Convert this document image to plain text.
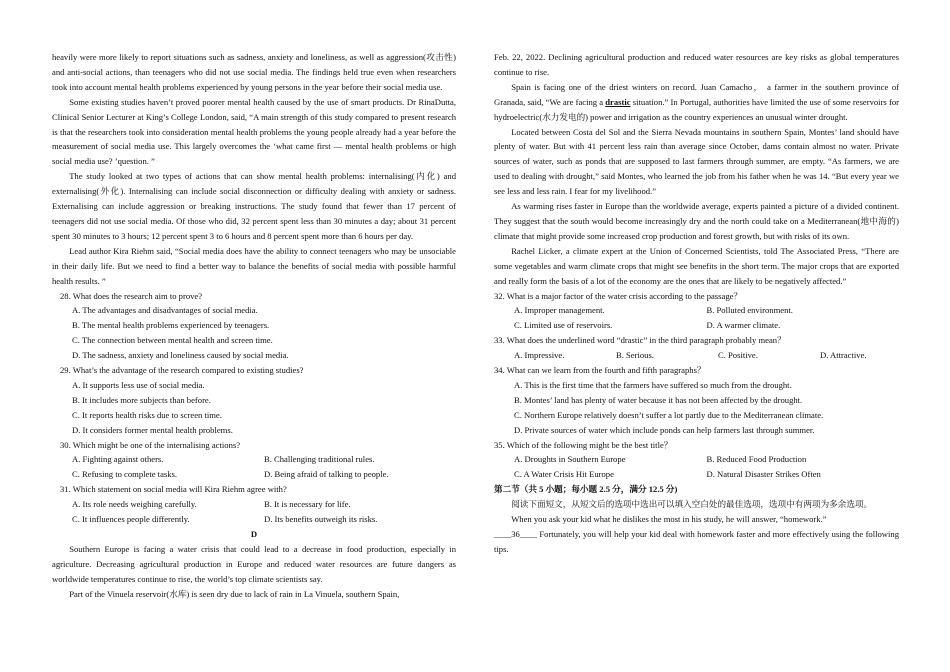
heavily were more likely to report situations such as sadness, anxiety and loneliness, as well as aggression(攻击性) and anti-social actions, than teenagers who did not use social media. The findings held true even when researchers took into account mental health problems experienced by young persons in the year before their social media use.

Some existing studies haven’t proved poorer mental health caused by the use of smart products. Dr RinaDutta, Clinical Senior Lecturer at King’s College London, said, “A main strength of this study compared to present research is that the researchers took into consideration mental health problems the young people already had a year before the measurement of social media use. This largely overcomes the ‘what came first — mental health problems or high social media use? ’question. ”

The study looked at two types of actions that can show mental health problems: internalising(内化) and externalising(外化). Internalising can include social disconnection or difficulty dealing with anxiety or sadness. Externalising can include aggression or breaking instructions. The study found that fewer than 17 percent of teenagers did not use social media. Of those who did, 32 percent spent less than 30 minutes a day; about 31 percent spent 30 minutes to 3 hours; 12 percent spent 3 to 6 hours and 8 percent spent more than 6 hours per day.

Lead author Kira Riehm said, “Social media does have the ability to connect teenagers who may be unsociable in their daily life. But we need to find a better way to balance the benefits of social media with possible harmful health results. ”

28. What does the research aim to prove?

A. The advantages and disadvantages of social media.

B. The mental health problems experienced by teenagers.

C. The connection between mental health and screen time.

D. The sadness, anxiety and loneliness caused by social media.

29. What’s the advantage of the research compared to existing studies?

A. It supports less use of social media.

B. It includes more subjects than before.

C. It reports health risks due to screen time.

D. It considers former mental health problems.

30. Which might be one of the internalising actions?

A. Fighting against others.	B. Challenging traditional rules.
C. Refusing to complete tasks.	D. Being afraid of talking to people.

31. Which statement on social media will Kira Riehm agree with?

A. Its role needs weighing carefully.	B. It is necessary for life.
C. It influences people differently.	D. Its benefits outweigh its risks.

D

Southern Europe is facing a water crisis that could lead to a decrease in food production, especially in agriculture. Decreasing agricultural production in Europe and reduced water resources are future dangers as worldwide temperatures continue to rise, the world’s top climate scientists say.

Part of the Vinuela reservoir(水库) is seen dry due to lack of rain in La Vinuela, southern Spain,

Feb. 22, 2022. Declining agricultural production and reduced water resources are key risks as global temperatures continue to rise.

Spain is facing one of the driest winters on record. Juan Camacho， a farmer in the southern province of Granada, said, “We are facing a drastic situation.” In Portugal, authorities have limited the use of some reservoirs for hydroelectric(水力发电的) power and irrigation as the country experiences an unusual winter drought.

Located between Costa del Sol and the Sierra Nevada mountains in southern Spain, Montes’ land should have plenty of water. But with 41 percent less rain than average since October, dams contain almost no water. Private sources of water, such as ponds that are supposed to last farmers through summer, are empty. “As farmers, we are used to dealing with drought,” said Montes, who learned the job from his father when he was 14. “But every year we see less and less rain. I fear for my livelihood.”

As warming rises faster in Europe than the worldwide average, experts painted a picture of a divided continent. They suggest that the south would become increasingly dry and the north could take on a Mediterranean(地中海的) climate that might provide some increased crop production and forest growth, but with risks of its own.

Rachel Licker, a climate expert at the Union of Concerned Scientists, told The Associated Press, “There are some vegetables and warm climate crops that might see benefits in the short term. The major crops that are exported and really form the basis of a lot of the economy are the ones that are likely to be negatively affected.”

32. What is a major factor of the water crisis according to the passage？

A. Improper management.	B. Polluted environment.
C. Limited use of reservoirs.	D. A warmer climate.

33. What does the underlined word “drastic” in the third paragraph probably mean？

A. Impressive.	B. Serious.	C. Positive.	D. Attractive.

34. What can we learn from the fourth and fifth paragraphs？

A. This is the first time that the farmers have suffered so much from the drought.

B. Montes’ land has plenty of water because it has not been affected by the drought.

C. Northern Europe relatively doesn’t suffer a lot partly due to the Mediterranean climate.

D. Private sources of water which include ponds can help farmers last through summer.

35. Which of the following might be the best title？

A. Droughts in Southern Europe	B. Reduced Food Production
C. A Water Crisis Hit Europe	D. Natural Disaster Strikes Often

第二节（共 5 小题；每小题 2.5 分，满分 12.5 分)

阅读下面短文，从短文后的选项中选出可以填入空白处的最佳选项，选项中有两项为多余选项。

When you ask your kid what he dislikes the most in his study, he will answer, “homework.”
____36____ Fortunately, you will help your kid deal with homework faster and more effectively using the following tips.
